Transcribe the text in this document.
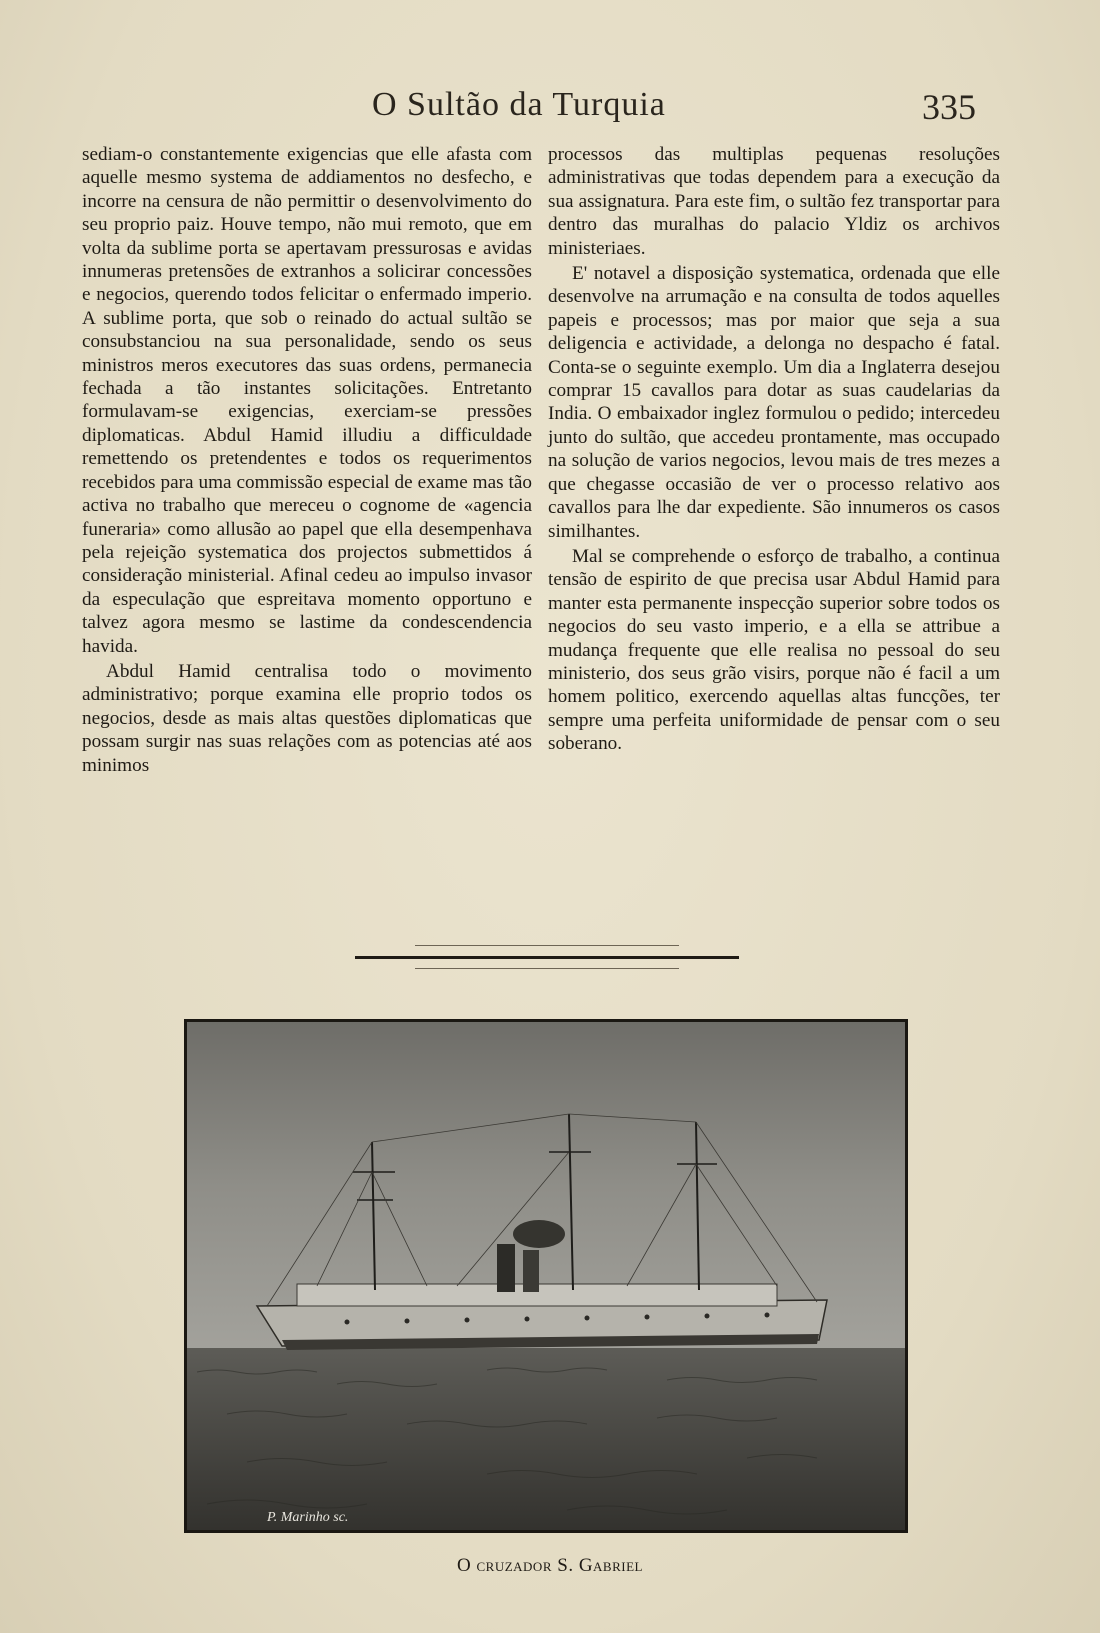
O Sultão da Turquia	335

sediam-o constantemente exigencias que elle afasta com aquelle mesmo systema de addiamentos no desfecho, e incorre na censura de não permittir o desenvolvimento do seu proprio paiz. Houve tempo, não mui remoto, que em volta da sublime porta se apertavam pressurosas e avidas innumeras pretensões de extranhos a solicirar concessões e negocios, querendo todos felicitar o enfermado imperio. A sublime porta, que sob o reinado do actual sultão se consubstanciou na sua personalidade, sendo os seus ministros meros executores das suas ordens, permanecia fechada a tão instantes solicitações. Entretanto formulavam-se exigencias, exerciam-se pressões diplomaticas. Abdul Hamid illudiu a difficuldade remettendo os pretendentes e todos os requerimentos recebidos para uma commissão especial de exame mas tão activa no trabalho que mereceu o cognome de «agencia funeraria» como allusão ao papel que ella desempenhava pela rejeição systematica dos projectos submettidos á consideração ministerial. Afinal cedeu ao impulso invasor da especulação que espreitava momento opportuno e talvez agora mesmo se lastime da condescendencia havida.

Abdul Hamid centralisa todo o movimento administrativo; porque examina elle proprio todos os negocios, desde as mais altas questões diplomaticas que possam surgir nas suas relações com as potencias até aos minimos

processos das multiplas pequenas resoluções administrativas que todas dependem para a execução da sua assignatura. Para este fim, o sultão fez transportar para dentro das muralhas do palacio Yldiz os archivos ministeriaes.

E' notavel a disposição systematica, ordenada que elle desenvolve na arrumação e na consulta de todos aquelles papeis e processos; mas por maior que seja a sua deligencia e actividade, a delonga no despacho é fatal. Conta-se o seguinte exemplo. Um dia a Inglaterra desejou comprar 15 cavallos para dotar as suas caudelarias da India. O embaixador inglez formulou o pedido; intercedeu junto do sultão, que accedeu prontamente, mas occupado na solução de varios negocios, levou mais de tres mezes a que chegasse occasião de ver o processo relativo aos cavallos para lhe dar expediente. São innumeros os casos similhantes.

Mal se comprehende o esforço de trabalho, a continua tensão de espirito de que precisa usar Abdul Hamid para manter esta permanente inspecção superior sobre todos os negocios do seu vasto imperio, e a ella se attribue a mudança frequente que elle realisa no pessoal do seu ministerio, dos seus grão visirs, porque não é facil a um homem politico, exercendo aquellas altas funcções, ter sempre uma perfeita uniformidade de pensar com o seu soberano.

P. Marinho sc.
O cruzador S. Gabriel
